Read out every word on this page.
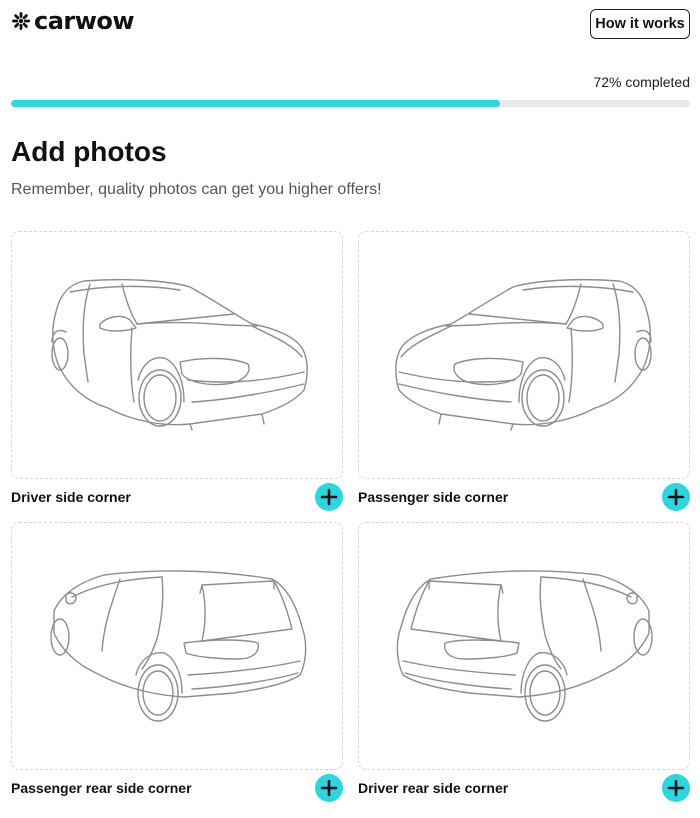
carwow	How it works
72% completed
Add photos

Remember, quality photos can get you higher offers!

Driver side corner	Passenger side corner
Passenger rear side corner	Driver rear side corner
